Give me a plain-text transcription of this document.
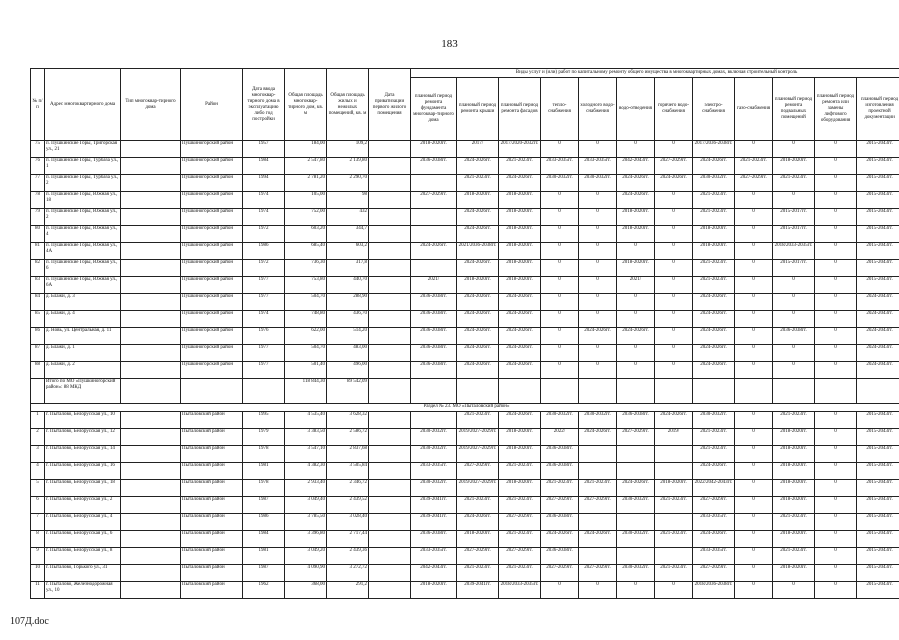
183
№ п/п	Адрес многоквартирного дома	Тип многоквар-тирного дома	Район	Дата ввода многоквар-тирного дома в эксплуатацию либо год постройки	Общая площадь многоквар-тирного дом, кв. м	Общая площадь жилых и нежилых помещений, кв. м	Дата приватизации первого жилого помещения	Виды услуг и (или) работ по капитальному ремонту общего имущества в многоквартирных домах, включая строительный контроль											
								плановый период ремонта фундамента многоквар-тирного дома	плановый период ремонта крыши	плановый период ремонта фасадов	тепло-снабжения	холодного водо-снабжения	водо-отведения	горячего водо-снабжения	электро-снабжения	газо-снабжения	плановый период ремонта подвальных помещений	плановый период ремонта или замены лифтового оборудования	плановый период изготовления проектной документации
75	п. Пушкинские Горы, Тригорская ул., 21		Пушкиногорский район	1957	184,00	109,2		2018-2020гг.	2017/	2017/2020-2032гг.	0	0	0	0	2017/2036-2038гг.	0	0	0	2015-2043гг.
76	п. Пушкинские Горы, Турбаза ул., 1		Пушкиногорский район	1984	2 547,80	2 139,80		2036-2038гг.	2024-2026гг.	2021-2023гг.	2033-2035гг.	2033-2035гг.	2042-2043гг.	2027-2029гг.	2024-2026гг.	2021-2023гг.	2018-2020гг.	0	2015-2043гг.
77	п. Пушкинские Горы, Турбаза ул., 2		Пушкиногорский район	1994	2 781,20	2 290,70			2021-2023гг.	2024-2026гг.	2030-2032гг.	2030-2032гг.	2024-2026гг.	2024-2026гг.	2030-2032гг.	2027-2029гг.	2021-2023гг.	0	2015-2043гг.
78	п. Пушкинские Горы, Южная ул., 18		Пушкиногорский район	1974	105,00	98		2027-2029гг.	2018-2020гг.	2018-2020гг.	0	0	2024-2026гг.	0	2021-2023гг.	0	0	0	2015-2043гг.
79	п. Пушкинские Горы, Южная ул., 2		Пушкиногорский район	1974	752,00	432			2024-2026гг.	2018-2020гг.	0	0	2018-2020гг.	0	2021-2023гг.	0	2015-2017гг.	0	2015-2043гг.
80	п. Пушкинские Горы, Южная ул., 4		Пушкиногорский район	1972	603,20	344,7			2024-2026гг.	2018-2020гг.	0	0	2018-2020гг.	0	2018-2020гг.	0	2015-2017гг.	0	2015-2043гг.
81	п. Пушкинские Горы, Южная ул., 4А		Пушкиногорский район	1986	685,40	603,2		2024-2026гг.	2021/2036-2038гг.	2018-2020гг.	0	0	0	0	2018-2020гг.	0	2018/2033-2035гг.	0	2015-2043гг.
82	п. Пушкинские Горы, Южная ул., 6		Пушкиногорский район	1972	736,30	317,8			2024-2026гг.	2018-2020гг.	0	0	2018-2020гг.	0	2021-2023гг.	0	2015-2017гг.	0	2015-2043гг.
83	п. Пушкинские Горы, Южная ул., 6А		Пушкиногорский район	1977	753,80	440,70		2021/	2018-2020гг.	2018-2020гг.	0	0	2021/	0	2021-2023гг.	0	0	0	2015-2043гг.
84	д. Блажи, д. 3		Пушкиногорский район	1977	504,70	288,90		2036-2038гг.	2024-2026гг.	2024-2026гг.	0	0	0	0	2024-2026гг.	0	0	0	2024-2043гг.
85	д. Блажи, д. 4		Пушкиногорский район	1974	748,80	436,70		2036-2038гг.	2024-2026гг.	2024-2026гг.	0	0	0	0	2024-2026гг.	0	0	0	2024-2043гг.
86	д. Новь, ул. Центральная, д. 11		Пушкиногорский район	1976	622,00	514,20		2036-2038гг.	2024-2026гг.	2024-2026гг.	0	2024-2026гг.	2024-2026гг.	0	2024-2026гг.	0	2036-2038гг.	0	2024-2043гг.
87	д. Блажи, д. 1		Пушкиногорский район	1977	504,70	483,00		2036-2038гг.	2024-2026гг.	2024-2026гг.	0	0	0	0	2024-2026гг.	0	0	0	2024-2043гг.
88	д. Блажи, д. 2		Пушкиногорский район	1977	501,40	496,00		2036-2038гг.	2024-2026гг.	2024-2026гг.	0	0	0	0	2024-2026гг.	0	0	0	2024-2043гг.
	Итого по МО «Пушкиногорский район»: 88 МКД				118 844,30	89 542,09													
Раздел № 23. МО «Пыталовский район»																			
1	г. Пыталово, Белорусская ул., 10		Пыталовский район	1995	4 535,40	3 628,32			2021-2023гг.	2024-2026гг.	2030-2032гг.	2030-2032гг.	2036-2038гг.	2024-2026гг.	2030-2032гг.	0	2021-2023гг.	0	2015-2043гг.
2	г. Пыталово, Белорусская ул., 12		Пыталовский район	1979	3 383,50	2 586,72		2030-2032гг.	2019/2027-2029гг.	2018-2020гг.	2022/	2024-2026гг.	2027-2029гг.	2019/	2021-2023гг.	0	2018-2020гг.	0	2015-2043гг.
3	г. Пыталово, Белорусская ул., 14		Пыталовский район	1978	3 547,10	2 837,68		2030-2032гг.	2019/2027-2029гг.	2018-2020гг.	2036-2038гг.				2021-2023гг.	0	2018-2020гг.	0	2015-2043гг.
4	г. Пыталово, Белорусская ул., 16		Пыталовский район	1981	4 382,30	3 505,84		2033-2035гг.	2027-2029гг.	2021-2023гг.	2036-2038гг.				2024-2026гг.	0	2018-2020гг.	0	2015-2043гг.
5	г. Пыталово, Белорусская ул., 18		Пыталовский район	1978	2 933,40	2 346,72		2030-2032гг.	2019/2027-2029гг.	2018-2020гг.	2021-2023гг.	2021-2023гг.	2024-2026гг.	2018-2020гг.	2022/2042-2043гг.	0	2018-2020гг.	0	2015-2043гг.
6	г. Пыталово, Белорусская ул., 2		Пыталовский район	1987	3 049,40	2 439,52		2039-2041гг.	2021-2023гг.	2021-2023гг.	2027-2029гг.	2027-2029гг.	2030-2032гг.	2021-2023гг.	2027-2029гг.	0	2018-2020гг.	0	2015-2043гг.
7	г. Пыталово, Белорусская ул., 4		Пыталовский район	1986	3 785,50	3 028,40		2039-2041гг.	2024-2026гг.	2027-2029гг.	2036-2038гг.				2033-2035гг.	0	2021-2023гг.	0	2015-2043гг.
8	г. Пыталово, Белорусская ул., 6		Пыталовский район	1984	3 396,80	2 717,44		2036-2038гг.	2018-2020гг.	2021-2023гг.	2024-2026гг.	2024-2026гг.	2030-2032гг.	2021-2023гг.	2024-2026гг.	0	2018-2020гг.	0	2015-2043гг.
9	г. Пыталово, Белорусская ул., 8		Пыталовский район	1981	3 049,20	2 439,36		2033-2035гг.	2027-2029гг.	2027-2029гг.	2036-2038гг.				2033-2035гг.	0	2021-2023гг.	0	2015-2043гг.
10	г. Пыталово, Горького ул., 31		Пыталовский район	1987	4 090,90	3 272,72		2042-2043гг.	2021-2023гг.	2021-2023гг.	2027-2029гг.	2027-2029гг.	2030-2032гг.	2021-2023гг.	2027-2029гг.	0	2018-2020гг.	0	2015-2043гг.
11	г. Пыталово, Железнодорожная ул., 10		Пыталовский район	1962	368,00	291,2		2018-2020гг.	2039-2041гг.	2018/2033-2035гг.	0	0	0	0	2018/2036-2038гг.	0	0	0	2015-2043гг.
107Д.doc
